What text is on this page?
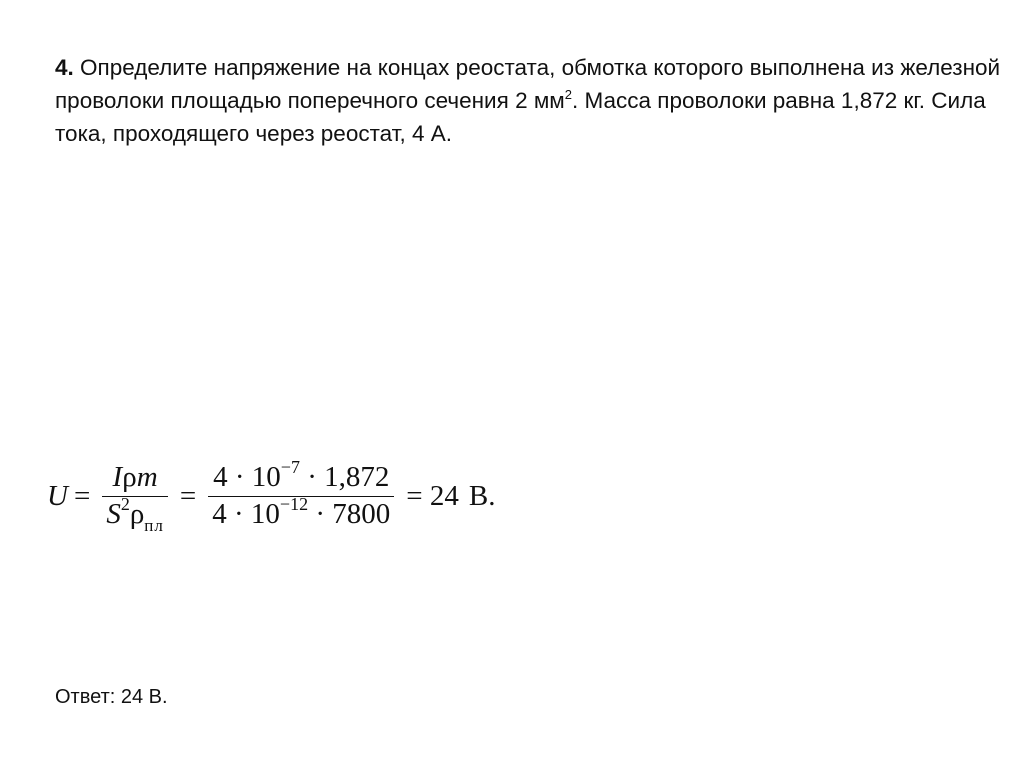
4. Определите напряжение на концах реостата, обмотка которого выполнена из железной проволоки площадью поперечного сечения 2 $мм^2$. Масса проволоки равна 1,872 кг. Сила тока, проходящего через реостат, 4 А.
$U = \frac{\text{Iρm}}{S^2\rho_{пл}} = \frac{4 \cdot 10^{-7} \cdot 1,872}{4 \cdot 10^{-12} \cdot 7800} = 24$ В.
Ответ: 24 В.
